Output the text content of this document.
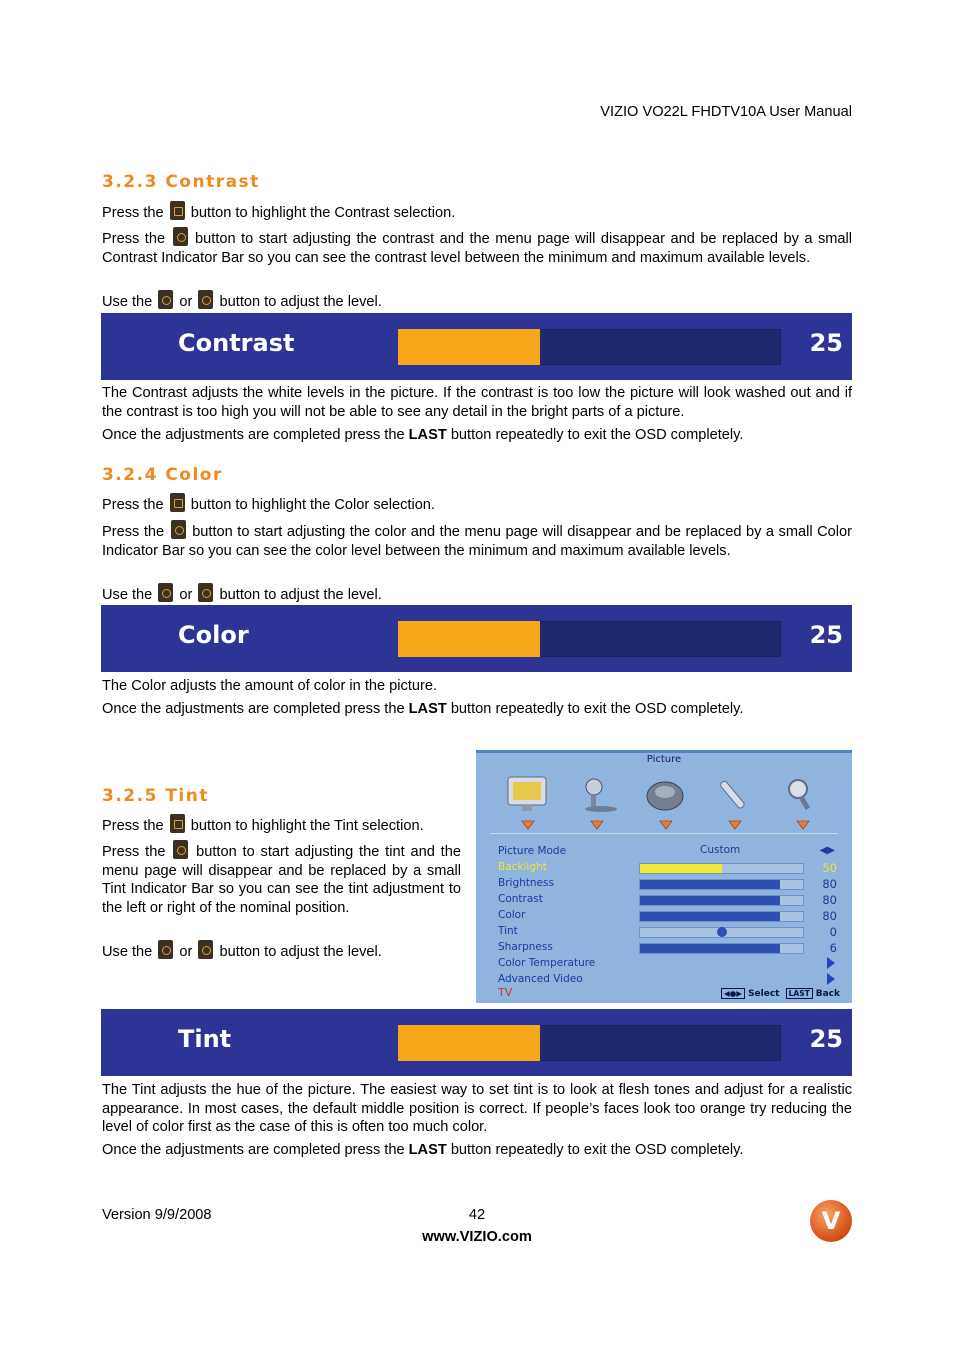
VIZIO VO22L FHDTV10A User Manual
3.2.3 Contrast

Press the button to highlight the Contrast selection.

Press the button to start adjusting the contrast and the menu page will disappear and be replaced by a small Contrast Indicator Bar so you can see the contrast level between the minimum and maximum available levels.

Use the or button to adjust the level.

Contrast	25

The Contrast adjusts the white levels in the picture. If the contrast is too low the picture will look washed out and if the contrast is too high you will not be able to see any detail in the bright parts of a picture.

Once the adjustments are completed press the LAST button repeatedly to exit the OSD completely.

3.2.4 Color

Press the button to highlight the Color selection.

Press the button to start adjusting the color and the menu page will disappear and be replaced by a small Color Indicator Bar so you can see the color level between the minimum and maximum available levels.

Use the or button to adjust the level.

Color	25

The Color adjusts the amount of color in the picture.

Once the adjustments are completed press the LAST button repeatedly to exit the OSD completely.

3.2.5 Tint

Press the button to highlight the Tint selection.

Press the button to start adjusting the tint and the menu page will disappear and be replaced by a small Tint Indicator Bar so you can see the tint adjustment to the left or right of the nominal position.

Use the or button to adjust the level.

Picture
Picture Mode	Custom	◀▶
Backlight	50
Brightness	80
Contrast	80
Color	80
Tint	0
Sharpness	6
Color Temperature
Advanced Video
TV	◀●▶ Select LAST Back
Tint	25

The Tint adjusts the hue of the picture. The easiest way to set tint is to look at flesh tones and adjust for a realistic appearance. In most cases, the default middle position is correct. If people’s faces look too orange try reducing the level of color first as the case of this is often too much color.

Once the adjustments are completed press the LAST button repeatedly to exit the OSD completely.

Version 9/9/2008	42
www.VIZIO.com
V
